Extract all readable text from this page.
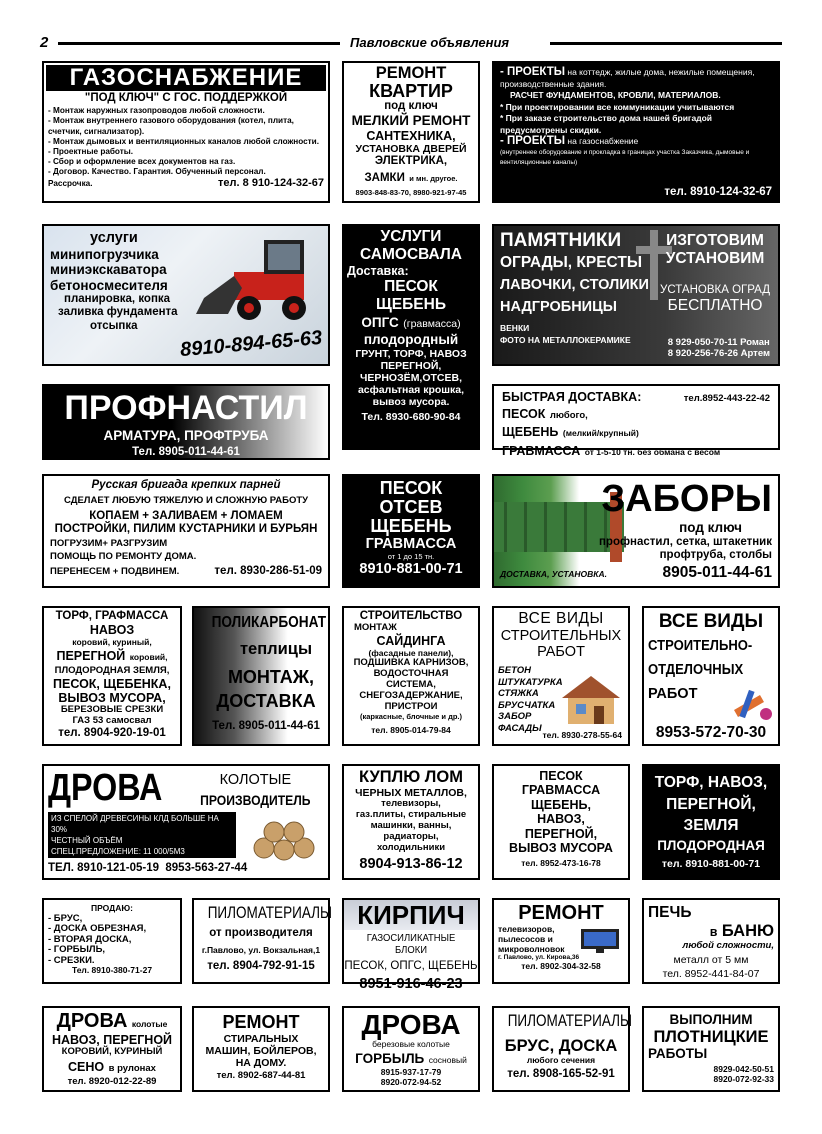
2	Павловские объявления
ГАЗОСНАБЖЕНИЕ
"ПОД КЛЮЧ" С ГОС. ПОДДЕРЖКОЙ
- Монтаж наружных газопроводов любой сложности.
- Монтаж внутреннего газового оборудования (котел, плита, счетчик, сигнализатор).
- Монтаж дымовых и вентиляционных каналов любой сложности.
- Проектные работы.
- Сбор и оформление всех документов на газ.
- Договор. Качество. Гарантия. Обученный персонал.
Рассрочка.	тел. 8 910-124-32-67
РЕМОНТ
КВАРТИР
под ключ
МЕЛКИЙ РЕМОНТ
САНТЕХНИКА,
УСТАНОВКА ДВЕРЕЙ
ЭЛЕКТРИКА,
ЗАМКИ и мн. другое.
8903-848-83-70, 8980-921-97-45
- ПРОЕКТЫ на коттедж, жилые дома, нежилые помещения, производственные здания.
РАСЧЕТ ФУНДАМЕНТОВ, КРОВЛИ, МАТЕРИАЛОВ.
* При проектировании все коммуникации учитываются
* При заказе строительство дома нашей бригадой предусмотрены скидки.
- ПРОЕКТЫ на газоснабжение
(внутреннее оборудование и прокладка в границах участка Заказчика, дымовые и вентиляционные каналы)
тел. 8910-124-32-67
услуги
минипогрузчика
миниэкскаватора
бетоносмесителя
планировка, копка
заливка фундамента
отсыпка
8910-894-65-63
УСЛУГИ
САМОСВАЛА
Доставка:
ПЕСОК
ЩЕБЕНЬ
ОПГС (гравмасса)
плодородный
ГРУНТ, ТОРФ, НАВОЗ
ПЕРЕГНОЙ,
ЧЕРНОЗЁМ,ОТСЕВ,
асфальтная крошка,
вывоз мусора.
Тел. 8930-680-90-84
ПАМЯТНИКИ
ОГРАДЫ, КРЕСТЫ
ЛАВОЧКИ, СТОЛИКИ
НАДГРОБНИЦЫ
ВЕНКИ
ФОТО НА МЕТАЛЛОКЕРАМИКЕ
ИЗГОТОВИМ
УСТАНОВИМ
УСТАНОВКА ОГРАД
БЕСПЛАТНО
8 929-050-70-11 Роман
8 920-256-76-26 Артем
ПРОФНАСТИЛ
АРМАТУРА, ПРОФТРУБА
Тел. 8905-011-44-61
БЫСТРАЯ ДОСТАВКА:	тел.8952-443-22-42
ПЕСОК любого,
ЩЕБЕНЬ (мелкий/крупный)
ГРАВМАССА от 1-5-10 тн. без обмана с весом
Русская бригада крепких парней
СДЕЛАЕТ ЛЮБУЮ ТЯЖЕЛУЮ И СЛОЖНУЮ РАБОТУ
КОПАЕМ + ЗАЛИВАЕМ + ЛОМАЕМ
ПОСТРОЙКИ, ПИЛИМ КУСТАРНИКИ И БУРЬЯН
ПОГРУЗИМ+ РАЗГРУЗИМ
ПОМОЩЬ ПО РЕМОНТУ ДОМА.
ПЕРЕНЕСЕМ + ПОДВИНЕМ.	тел. 8930-286-51-09
ПЕСОК
ОТСЕВ
ЩЕБЕНЬ
ГРАВМАССА
от 1 до 15 тн.
8910-881-00-71
ЗАБОРЫ
под ключ
профнастил, сетка, штакетник
профтруба, столбы
ДОСТАВКА, УСТАНОВКА.	8905-011-44-61
ТОРФ, ГРАФМАССА
НАВОЗ
коровий, куриный,
ПЕРЕГНОЙ коровий,
ПЛОДОРОДНАЯ ЗЕМЛЯ,
ПЕСОК, ЩЕБЕНКА,
ВЫВОЗ МУСОРА,
БЕРЕЗОВЫЕ СРЕЗКИ
ГАЗ 53 самосвал
тел. 8904-920-19-01
ПОЛИКАРБОНАТ
теплицы
МОНТАЖ,
ДОСТАВКА
Тел. 8905-011-44-61
СТРОИТЕЛЬСТВО
МОНТАЖ
САЙДИНГА
(фасадные панели),
ПОДШИВКА КАРНИЗОВ,
ВОДОСТОЧНАЯ
СИСТЕМА,
СНЕГОЗАДЕРЖАНИЕ,
ПРИСТРОИ
(каркасные, блочные и др.)
тел. 8905-014-79-84
ВСЕ ВИДЫ
СТРОИТЕЛЬНЫХ
РАБОТ
БЕТОН
ШТУКАТУРКА
СТЯЖКА
БРУСЧАТКА
ЗАБОР
ФАСАДЫ
тел. 8930-278-55-64
ВСЕ ВИДЫ
СТРОИТЕЛЬНО-
ОТДЕЛОЧНЫХ
РАБОТ
8953-572-70-30
ДРОВА	КОЛОТЫЕ
ПРОИЗВОДИТЕЛЬ
ИЗ СПЕЛОЙ ДРЕВЕСИНЫ КЛД БОЛЬШЕ НА 30%
ЧЕСТНЫЙ ОБЪЁМ
СПЕЦ.ПРЕДЛОЖЕНИЕ: 11 000/5М3
ТЕЛ. 8910-121-05-19  8953-563-27-44
КУПЛЮ ЛОМ
ЧЕРНЫХ МЕТАЛЛОВ,
телевизоры,
газ.плиты, стиральные
машинки, ванны,
радиаторы,
холодильники
8904-913-86-12
ПЕСОК
ГРАВМАССА
ЩЕБЕНЬ,
НАВОЗ,
ПЕРЕГНОЙ,
ВЫВОЗ МУСОРА
тел. 8952-473-16-78
ТОРФ, НАВОЗ,
ПЕРЕГНОЙ,
ЗЕМЛЯ
ПЛОДОРОДНАЯ
тел. 8910-881-00-71
ПРОДАЮ:
- БРУС,
- ДОСКА ОБРЕЗНАЯ,
- ВТОРАЯ ДОСКА,
- ГОРБЫЛЬ,
- СРЕЗКИ.
Тел. 8910-380-71-27
ПИЛОМАТЕРИАЛЫ
от производителя
г.Павлово, ул. Вокзальная,1
тел. 8904-792-91-15
КИРПИЧ
ГАЗОСИЛИКАТНЫЕ БЛОКИ
ПЕСОК, ОПГС, ЩЕБЕНЬ
8951-916-46-23
РЕМОНТ
телевизоров,
пылесосов и
микроволновок
г. Павлово, ул. Кирова,36
тел. 8902-304-32-58
ПЕЧЬ
в БАНЮ
любой сложности,
металл от 5 мм
тел. 8952-441-84-07
ДРОВА колотые
НАВОЗ, ПЕРЕГНОЙ
КОРОВИЙ, КУРИНЫЙ
СЕНО в рулонах
тел. 8920-012-22-89
РЕМОНТ
СТИРАЛЬНЫХ
МАШИН, БОЙЛЕРОВ,
НА ДОМУ.
тел. 8902-687-44-81
ДРОВА
березовые колотые
ГОРБЫЛЬ сосновый
8915-937-17-79
8920-072-94-52
ПИЛОМАТЕРИАЛЫ
БРУС, ДОСКА
любого сечения
тел. 8908-165-52-91
ВЫПОЛНИМ
ПЛОТНИЦКИЕ
РАБОТЫ
8929-042-50-51
8920-072-92-33
